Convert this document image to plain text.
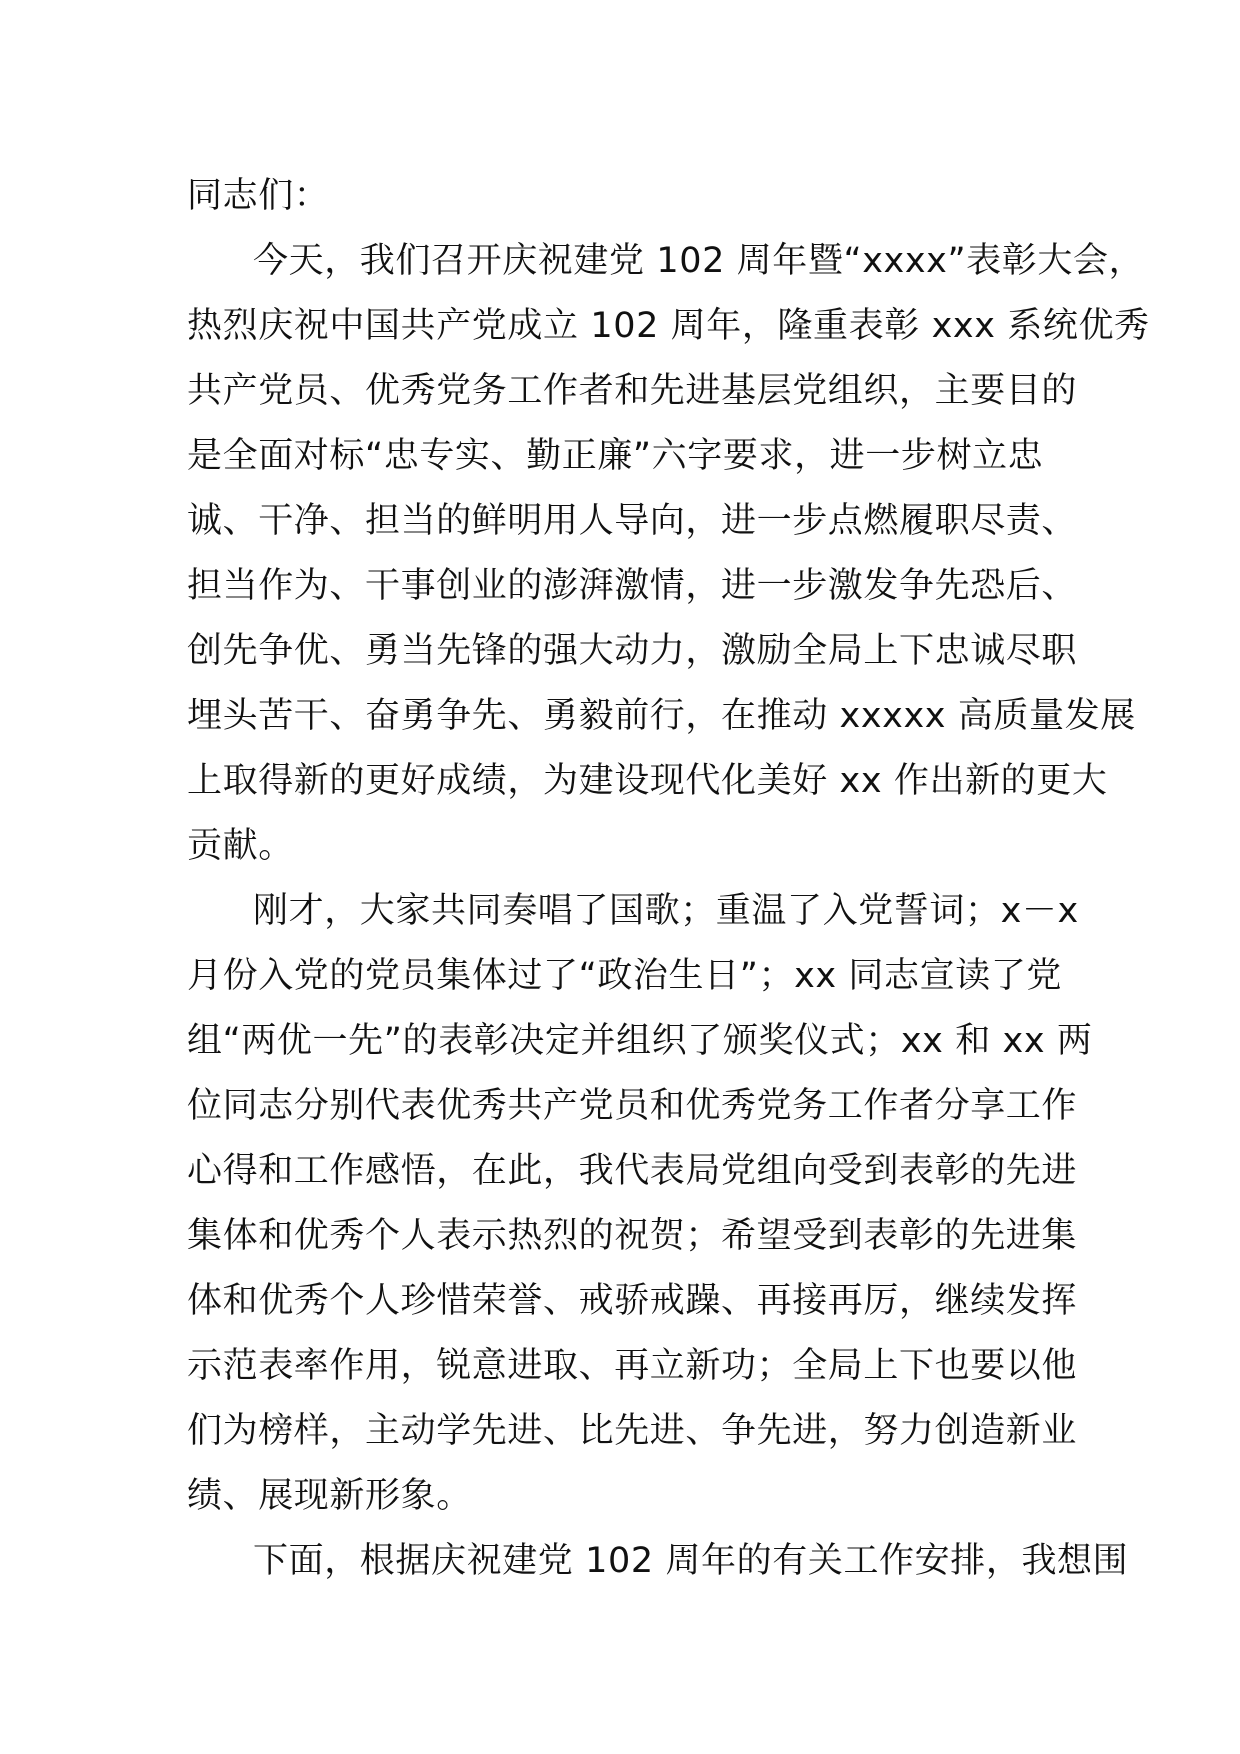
同志们：
今天，我们召开庆祝建党 102 周年暨“xxxx”表彰大会，
热烈庆祝中国共产党成立 102 周年，隆重表彰 xxx 系统优秀
共产党员、优秀党务工作者和先进基层党组织，主要目的
是全面对标“忠专实、勤正廉”六字要求，进一步树立忠
诚、干净、担当的鲜明用人导向，进一步点燃履职尽责、
担当作为、干事创业的澎湃激情，进一步激发争先恐后、
创先争优、勇当先锋的强大动力，激励全局上下忠诚尽职
埋头苦干、奋勇争先、勇毅前行，在推动 xxxxx 高质量发展
上取得新的更好成绩，为建设现代化美好 xx 作出新的更大
贡献。
刚才，大家共同奏唱了国歌；重温了入党誓词；x－x
月份入党的党员集体过了“政治生日”；xx 同志宣读了党
组“两优一先”的表彰决定并组织了颁奖仪式；xx 和 xx 两
位同志分别代表优秀共产党员和优秀党务工作者分享工作
心得和工作感悟，在此，我代表局党组向受到表彰的先进
集体和优秀个人表示热烈的祝贺；希望受到表彰的先进集
体和优秀个人珍惜荣誉、戒骄戒躁、再接再厉，继续发挥
示范表率作用，锐意进取、再立新功；全局上下也要以他
们为榜样，主动学先进、比先进、争先进，努力创造新业
绩、展现新形象。
下面，根据庆祝建党 102 周年的有关工作安排，我想围
